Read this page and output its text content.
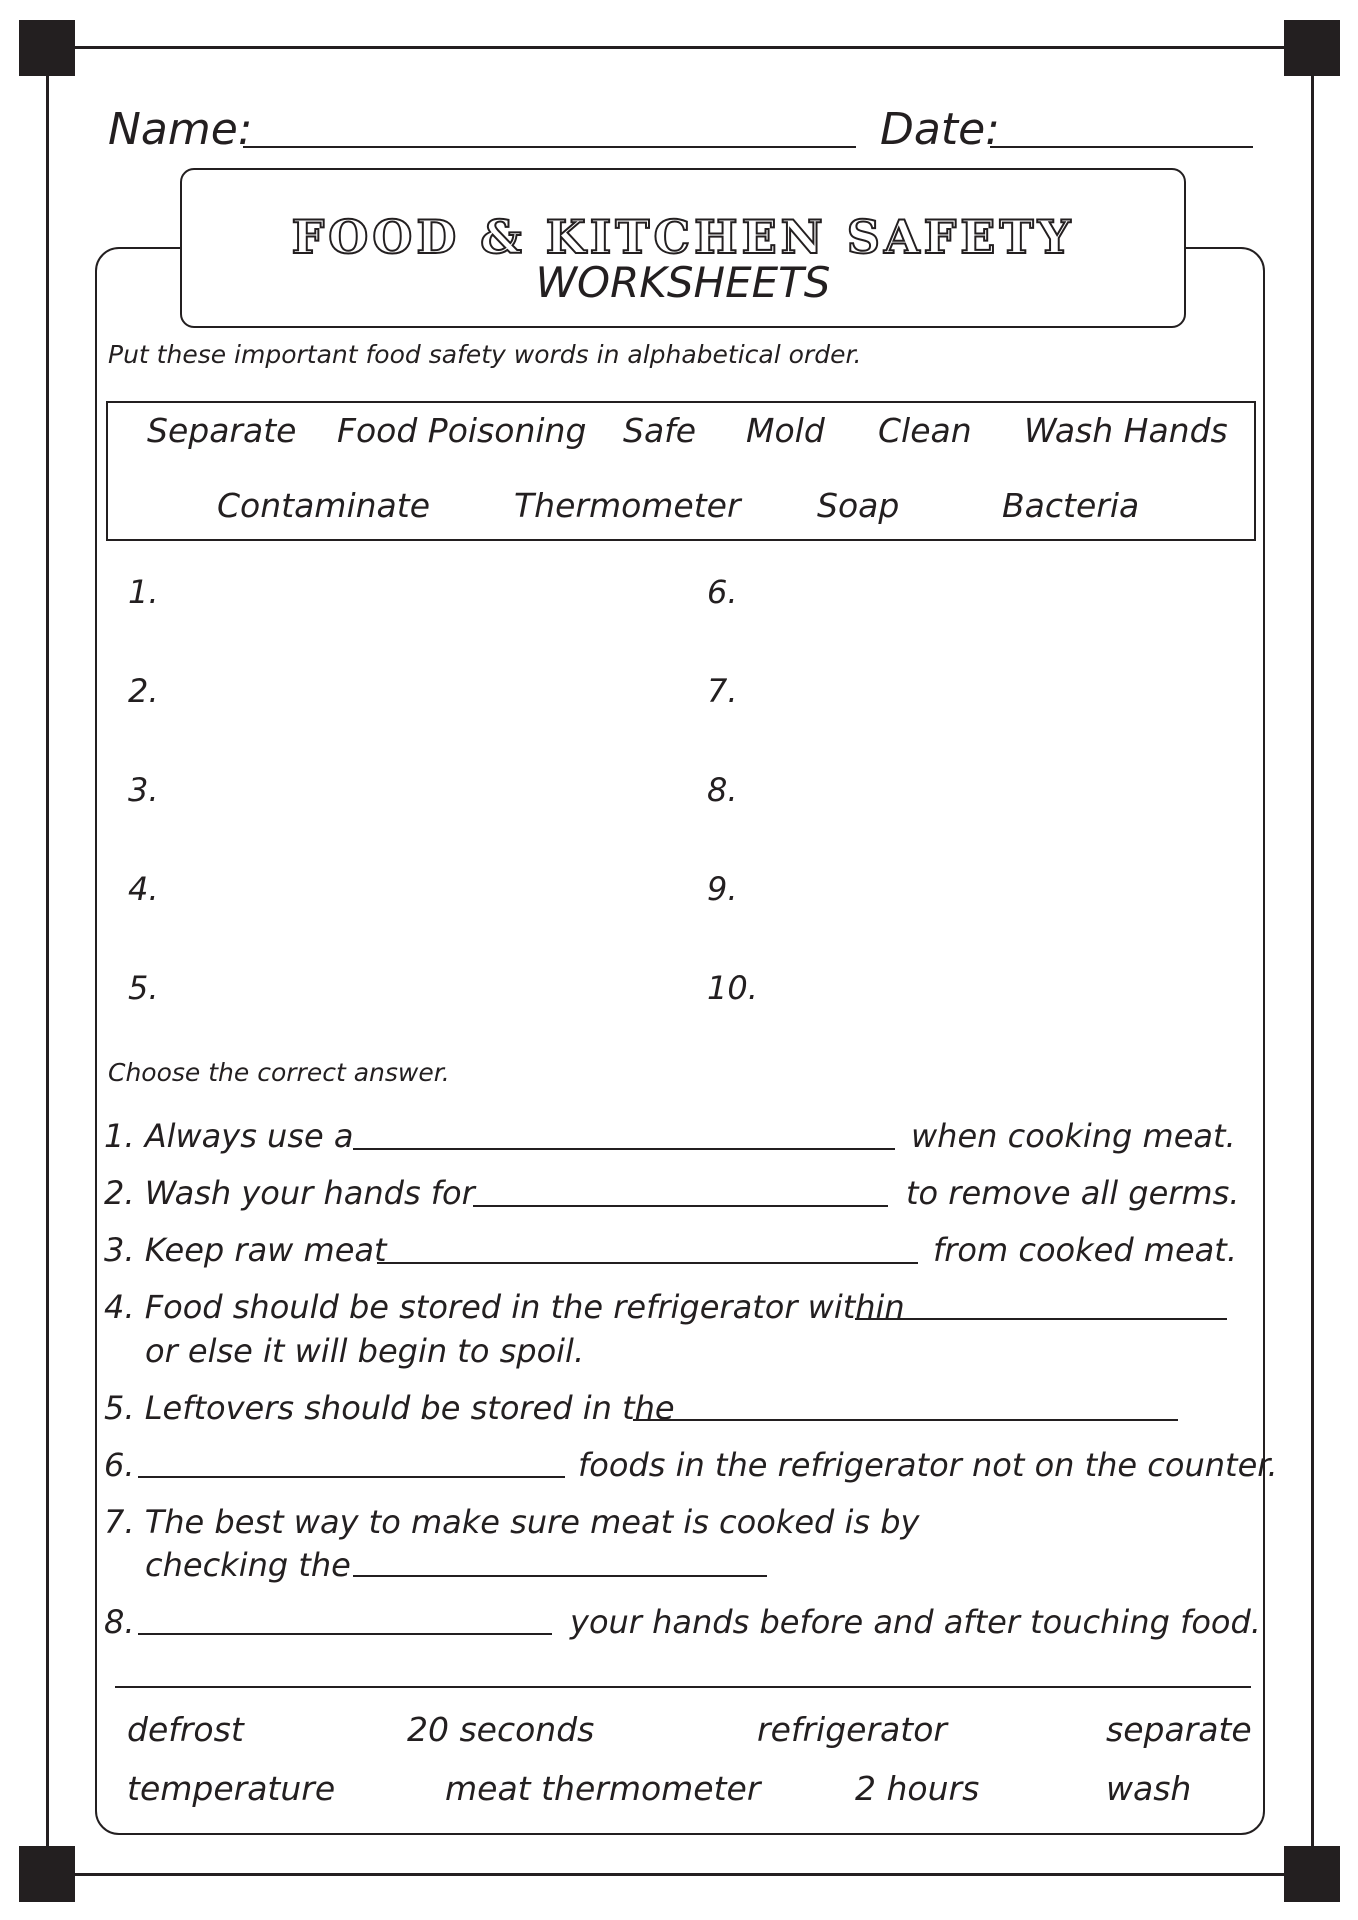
Name:	Date:
FOOD & KITCHEN SAFETY
WORKSHEETS
Put these important food safety words in alphabetical order.
Separate Food Poisoning Safe Mold Clean Wash Hands
Contaminate	Thermometer Soap	Bacteria
1.
2.
3.
4.
5.
6.
7.
8.
9.
10.
Choose the correct answer.
1. Always use a	when cooking meat.
2. Wash your hands for	to remove all germs.
3. Keep raw meat	from cooked meat.
4. Food should be stored in the refrigerator within
or else it will begin to spoil.
5. Leftovers should be stored in the
6.	foods in the refrigerator not on the counter.
7. The best way to make sure meat is cooked is by
checking the
8.	your hands before and after touching food.
defrost	20 seconds	refrigerator	separate
temperature	meat thermometer	2 hours	wash
